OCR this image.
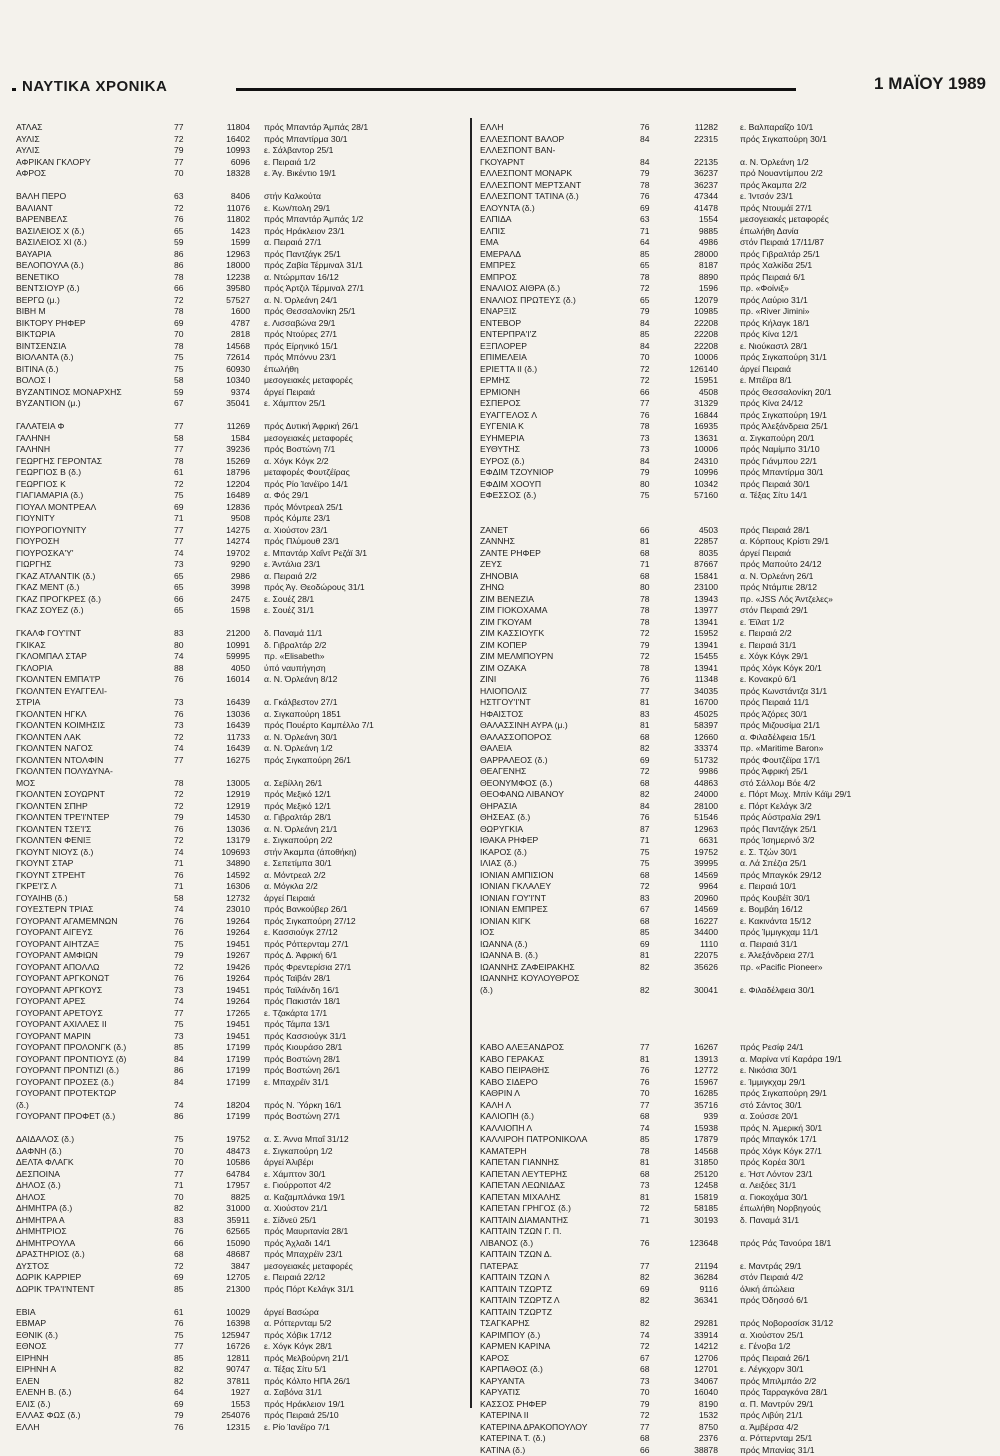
ΝΑΥΤΙΚΑ ΧΡΟΝΙΚΑ	1 ΜΑΪΟΥ 1989
ΑΤΛΑΣ	77	11804 πρός Μπαντάρ Άμπάς 28/1
ΑΥΛΙΣ	72	16402 πρός Μπαντίρμα 30/1
ΑΥΛΙΣ	79	10993 ε. Σάλβαντορ 25/1
ΑΦΡΙΚΑΝ ΓΚΛΟΡΥ	77	6096 ε. Πειραιά 1/2
ΑΦΡΟΣ	70	18328 ε. Άγ. Βικέντιο 19/1
ΒΑΛΗ ΠΕΡΟ	63	8406 στήν Καλκούτα
ΒΑΛΙΑΝΤ	72	11076 ε. Κων/πολη 29/1
ΒΑΡΕΝΒΕΛΣ	76	11802 πρός Μπαντάρ Άμπάς 1/2
ΒΑΣΙΛΕΙΟΣ Χ (δ.)	65	1423 πρός Ηράκλειον 23/1
ΒΑΣΙΛΕΙΟΣ XI (δ.)	59	1599 α. Πειραιά 27/1
ΒΑΥΑΡΙΑ	86	12963 πρός Παντζάγκ 25/1
ΒΕΛΟΠΟΥΛΑ (δ.)	86	18000 πρός Ζαβία Τέρμιναλ 31/1
ΒΕΝΕΤΙΚΟ	78	12238 α. Ντώρμπαν 16/12
ΒΕΝΤΣΙΟΥΡ (δ.)	66	39580 πρός Άρτζιλ Τέρμιναλ 27/1
ΒΕΡΓΩ (μ.)	72	57527 α. Ν. Όρλεάνη 24/1
ΒΙΒΗ Μ	78	1600 πρός Θεσσαλονίκη 25/1
ΒΙΚΤΟΡΥ ΡΗΦΕΡ	69	4787 ε. Λισσαβώνα 29/1
ΒΙΚΤΩΡΙΑ	70	2818 πρός Ντούρες 27/1
ΒΙΝΤΣΕΝΣΙΑ	78	14568 πρός Είρηνικό 15/1
ΒΙΟΛΑΝΤΑ (δ.)	75	72614 πρός Μπόννυ 23/1
ΒΙΤΙΝΑ (δ.)	75	60930 έπωλήθη
ΒΟΛΟΣ I	58	10340 μεσογειακές μεταφορές
ΒΥΖΑΝΤΙΝΟΣ ΜΟΝΑΡΧΗΣ	59	9374 άργεί Πειραιά
ΒΥΖΑΝΤΙΟΝ (μ.)	67	35041 ε. Χάμπτον 25/1
ΓΑΛΑΤΕΙΑ Φ	77	11269 πρός Δυτική Άφρική 26/1
ΓΑΛΗΝΗ	58	1584 μεσογειακές μεταφορές
ΓΑΛΗΝΗ	77	39236 πρός Βοστώνη 7/1
ΓΕΩΡΓΗΣ ΓΕΡΟΝΤΑΣ	78	15269 α. Χόγκ Κόγκ 2/2
ΓΕΩΡΓΙΟΣ Β (δ.)	61	18796 μεταφορές Φουτζέϊρας
ΓΕΩΡΓΙΟΣ Κ	72	12204 πρός Ρίο Ίανέϊρο 14/1
ΓΙΑΓΙΑΜΑΡΙΑ (δ.)	75	16489 α. Φός 29/1
ΓΙΟΥΑΛ ΜΟΝΤΡΕΑΛ	69	12836 πρός Μόντρεαλ 25/1
ΓΙΟΥΝΙΤΥ	71	9508 πρός Κόμπε 23/1
ΓΙΟΥΡΟΓΙΟΥΝΙΤΥ	77	14275 α. Χιούστον 23/1
ΓΙΟΥΡΟΣΗ	77	14274 πρός Πλύμουθ 23/1
ΓΙΟΥΡΟΣΚΑ'Υ'	74	19702 ε. Μπαντάρ Χαΐντ Ρεζάϊ 3/1
ΓΙΩΡΓΗΣ	73	9290 ε. Άντάλια 23/1
ΓΚΑΖ ΑΤΛΑΝΤΙΚ (δ.)	65	2986 α. Πειραιά 2/2
ΓΚΑΖ ΜΕΝΤ (δ.)	65	3998 πρός Άγ. Θεοδώρους 31/1
ΓΚΑΖ ΠΡΟΓΚΡΕΣ (δ.)	66	2475 ε. Σουέζ 28/1
ΓΚΑΖ ΣΟΥΕΖ (δ.)	65	1598 ε. Σουέζ 31/1
ΓΚΑΛΦ ΓΟΥ'Ι'ΝΤ	83	21200 δ. Παναμά 11/1
ΓΚΙΚΑΣ	80	10991 δ. Γιβραλτάρ 2/2
ΓΚΛΟΜΠΑΛ ΣΤΑΡ	74	59995 πρ. «Elisabeth»
ΓΚΛΟΡΙΑ	88	4050 ύπό ναυπήγηση
ΓΚΟΛΝΤΕΝ ΕΜΠΑ'Ι'Ρ	76	16014 α. Ν. Όρλεάνη 8/12
ΓΚΟΛΝΤΕΝ ΕΥΑΓΓΕΛΙ-
ΣΤΡΙΑ	73	16439 α. Γκάλβεστον 27/1
ΓΚΟΛΝΤΕΝ ΗΓΚΛ	76	13036 α. Σιγκαπούρη 1851
ΓΚΟΛΝΤΕΝ ΚΟΙΜΗΣΙΣ	73	16439 πρός Πουέρτο Καμπέλλο 7/1
ΓΚΟΛΝΤΕΝ ΛΑΚ	72	11733 α. Ν. Όρλεάνη 30/1
ΓΚΟΛΝΤΕΝ ΝΑΓΟΣ	74	16439 α. Ν. Όρλεάνη 1/2
ΓΚΟΛΝΤΕΝ ΝΤΟΛΦΙΝ	77	16275 πρός Σιγκαπούρη 26/1
ΓΚΟΛΝΤΕΝ ΠΟΛΥΔΥΝΑ-
ΜΟΣ	78	13005 α. Σεβίλλη 26/1
ΓΚΟΛΝΤΕΝ ΣΟΥΩΡΝΤ	72	12919 πρός Μεξικό 12/1
ΓΚΟΛΝΤΕΝ ΣΠΗΡ	72	12919 πρός Μεξικό 12/1
ΓΚΟΛΝΤΕΝ ΤΡΕ'Ι'ΝΤΕΡ	79	14530 α. Γιβραλτάρ 28/1
ΓΚΟΛΝΤΕΝ ΤΣΕ'Ι'Σ	76	13036 α. Ν. Όρλεάνη 21/1
ΓΚΟΛΝΤΕΝ ΦΕΝΙΞ	72	13179 ε. Σιγκαπούρη 2/2
ΓΚΟΥΝΤ ΝΙΟΥΣ (δ.)	74	109693 στήν Άκαμπα (άποθήκη)
ΓΚΟΥΝΤ ΣΤΑΡ	71	34890 ε. Σεπετίμπα 30/1
ΓΚΟΥΝΤ ΣΤΡΕΗΤ	76	14592 α. Μόντρεαλ 2/2
ΓΚΡΕ'Ι'Σ Λ	71	16306 α. Μόγκλα 2/2
ΓΟΥΑΙΗΒ (δ.)	58	12732 άργεί Πειραιά
ΓΟΥΕΣΤΕΡΝ ΤΡΙΑΣ	74	23010 πρός Βανκούβερ 26/1
ΓΟΥΟΡΑΝΤ ΑΓΑΜΕΜΝΩΝ	76	19264 πρός Σιγκαπούρη 27/12
ΓΟΥΟΡΑΝΤ ΑΙΓΕΥΣ	76	19264 ε. Κασσιούγκ 27/12
ΓΟΥΟΡΑΝΤ ΑΙΗΤΖΑΞ	75	19451 πρός Ρόττερνταμ 27/1
ΓΟΥΟΡΑΝΤ ΑΜΦΙΩΝ	79	19267 πρός Δ. Άφρική 6/1
ΓΟΥΟΡΑΝΤ ΑΠΟΛΛΩ	72	19426 πρός Φρεντερίσια 27/1
ΓΟΥΟΡΑΝΤ ΑΡΓΚΟΝΩΤ	76	19264 πρός Ταϊβάν 28/1
ΓΟΥΟΡΑΝΤ ΑΡΓΚΟΥΣ	73	19451 πρός Ταϊλάνδη 16/1
ΓΟΥΟΡΑΝΤ ΑΡΕΣ	74	19264 πρός Πακιστάν 18/1
ΓΟΥΟΡΑΝΤ ΑΡΕΤΟΥΣ	77	17265 ε. Τζακάρτα 17/1
ΓΟΥΟΡΑΝΤ ΑΧΙΛΛΕΣ ΙΙ	75	19451 πρός Τάμπα 13/1
ΓΟΥΟΡΑΝΤ ΜΑΡΙΝ	73	19451 πρός Κασσιούγκ 31/1
ΓΟΥΟΡΑΝΤ ΠΡΟΛΟΝΓΚ (δ.)	85	17199 πρός Κιουράσο 28/1
ΓΟΥΟΡΑΝΤ ΠΡΟΝΤΙΟΥΣ (δ)	84	17199 πρός Βοστώνη 28/1
ΓΟΥΟΡΑΝΤ ΠΡΟΝΤΙΖΙ (δ.)	86	17199 πρός Βοστώνη 26/1
ΓΟΥΟΡΑΝΤ ΠΡΟΣΕΣ (δ.)	84	17199 ε. Μπαχρέϊν 31/1
ΓΟΥΟΡΑΝΤ ΠΡΟΤΕΚΤΩΡ
(δ.)	74	18204 πρός Ν. Ύόρκη 16/1
ΓΟΥΟΡΑΝΤ ΠΡΟΦΕΤ (δ.)	86	17199 πρός Βοστώνη 27/1
ΔΑΙΔΑΛΟΣ (δ.)	75	19752 α. Σ. Άννα Μπαΐ 31/12
ΔΑΦΝΗ (δ.)	70	48473 ε. Σιγκαπούρη 1/2
ΔΕΛΤΑ ΦΛΑΓΚ	70	10586 άργεί Άλιβέρι
ΔΕΣΠΟΙΝΑ	77	64784 ε. Χάμπτον 30/1
ΔΗΛΟΣ (δ.)	71	17957 ε. Γιούρροποτ 4/2
ΔΗΛΟΣ	70	8825 α. Καζαμπλάνκα 19/1
ΔΗΜΗΤΡΑ (δ.)	82	31000 α. Χιούστον 21/1
ΔΗΜΗΤΡΑ Α	83	35911 ε. Σίδνεϋ 25/1
ΔΗΜΗΤΡΙΟΣ	76	62565 πρός Μαυριτανία 28/1
ΔΗΜΗΤΡΟΥΛΑ	66	15090 πρός Άχλαδι 14/1
ΔΡΑΣΤΗΡΙΟΣ (δ.)	68	48687 πρός Μπαχρέϊν 23/1
ΔΥΣΤΟΣ	72	3847 μεσογειακές μεταφορές
ΔΩΡΙΚ ΚΑΡΡΙΕΡ	69	12705 ε. Πειραιά 22/12
ΔΩΡΙΚ ΤΡΑ'Ι'ΝΤΕΝΤ	85	21300 πρός Πόρτ Κελάγκ 31/1
ΕΒΙΑ	61	10029 άργεί Βασώρα
ΕΒΜΑΡ	76	16398 α. Ρόττερνταμ 5/2
ΕΘΝΙΚ (δ.)	75	125947 πρός Χόβικ 17/12
ΕΘΝΟΣ	77	16726 ε. Χόγκ Κόγκ 28/1
ΕΙΡΗΝΗ	85	12811 πρός Μελβούρνη 21/1
ΕΙΡΗΝΗ Α	82	90747 α. Τέξας Σίτυ 5/1
ΕΛΕΝ	82	37811 πρός Κόλπο ΗΠΑ 26/1
ΕΛΕΝΗ Β. (δ.)	64	1927 α. Σαβόνα 31/1
ΕΛΙΣ (δ.)	69	1553 πρός Ηράκλειον 19/1
ΕΛΛΑΣ ΦΩΣ (δ.)	79	254076 πρός Πειραιά 25/10
ΕΛΛΗ	76	12315 ε. Ρίο Ίανέϊρο 7/1
ΕΛΛΗ	76	11282	ε. Βαλπαραΐζο 10/1
ΕΛΛΕΣΠΟΝΤ ΒΑΛΟΡ	84	22315	πρός Σιγκαπούρη 30/1
ΕΛΛΕΣΠΟΝΤ ΒΑΝ-
ΓΚΟΥΑΡΝΤ	84	22135	α. Ν. Όρλεάνη 1/2
ΕΛΛΕΣΠΟΝΤ ΜΟΝΑΡΚ	79	36237	πρό Νουαντίμπου 2/2
ΕΛΛΕΣΠΟΝΤ ΜΕΡΤΣΑΝΤ	78	36237	πρός Άκαμπα 2/2
ΕΛΛΕΣΠΟΝΤ ΤΑΤΙΝΑ (δ.)	76	47344	ε. Ίντσόν 23/1
ΕΛΟΥΝΤΑ (δ.)	69	41478	πρός Ντουμάϊ 27/1
ΕΛΠΙΔΑ	63	1554	μεσογειακές μεταφορές
ΕΛΠΙΣ	71	9885	έπωλήθη Δανία
ΕΜΑ	64	4986	στόν Πειραιά 17/11/87
ΕΜΕΡΑΛΔ	85	28000	πρός Γιβραλτάρ 25/1
ΕΜΠΡΕΣ	65	8187	πρός Χαλκίδα 25/1
ΕΜΠΡΟΣ	78	8890	πρός Πειραιά 6/1
ΕΝΑΛΙΟΣ ΑΙΘΡΑ (δ.)	72	1596	πρ. «Φοίνιξ»
ΕΝΑΛΙΟΣ ΠΡΩΤΕΥΣ (δ.)	65	12079	πρός Λαύριο 31/1
ΕΝΑΡΞΙΣ	79	10985	πρ. «River Jimini»
ΕΝΤΕΒΟΡ	84	22208	πρός Κήλαγκ 18/1
ΕΝΤΕΡΠΡΑ'Ι'Ζ	85	22208	πρός Κίνα 12/1
ΕΞΠΛΟΡΕΡ	84	22208	ε. Νιούκαστλ 28/1
ΕΠΙΜΕΛΕΙΑ	70	10006	πρός Σιγκαπούρη 31/1
ΕΡΙΕΤΤΑ ΙΙ (δ.)	72	126140	άργεί Πειραιά
ΕΡΜΗΣ	72	15951	ε. Μπέϊρα 8/1
ΕΡΜΙΟΝΗ	66	4508	πρός Θεσσαλονίκη 20/1
ΕΣΠΕΡΟΣ	77	31329	πρός Κίνα 24/12
ΕΥΑΓΓΕΛΟΣ Λ	76	16844	πρός Σιγκαπούρη 19/1
ΕΥΓΕΝΙΑ Κ	78	16935	πρός Άλεξάνδρεια 25/1
ΕΥΗΜΕΡΙΑ	73	13631	α. Σιγκαπούρη 20/1
ΕΥΘΥΤΗΣ	73	10006	πρός Ναμίμπο 31/10
ΕΥΡΟΣ (δ.)	84	24310	πρός Γιάνμπου 22/1
ΕΦΔΙΜ ΤΖΟΥΝΙΟΡ	79	10996	πρός Μπαντίρμα 30/1
ΕΦΔΙΜ ΧΟΟΥΠ	80	10342	πρός Πειραιά 30/1
ΕΦΕΣΣΟΣ (δ.)	75	57160	α. Τέξας Σίτυ 14/1
ΖΑΝΕΤ	66	4503	πρός Πειραιά 28/1
ΖΑΝΝΗΣ	81	22857	α. Κόρπους Κρίστι 29/1
ΖΑΝΤΕ ΡΗΦΕΡ	68	8035	άργεί Πειραιά
ΖΕΥΣ	71	87667	πρός Μαπούτο 24/12
ΖΗΝΟΒΙΑ	68	15841	α. Ν. Όρλεάνη 26/1
ΖΗΝΩ	80	23100	πρός Ντάμπιε 28/12
ΖΙΜ ΒΕΝΕΖΙΑ	78	13943	πρ. «JSS Λός Άντζελες»
ΖΙΜ ΓΙΟΚΟΧΑΜΑ	78	13977	στόν Πειραιά 29/1
ΖΙΜ ΓΚΟΥΑΜ	78	13941	ε. Έϊλατ 1/2
ΖΙΜ ΚΑΣΣΙΟΥΓΚ	72	15952	ε. Πειραιά 2/2
ΖΙΜ ΚΟΠΕΡ	79	13941	ε. Πειραιά 31/1
ΖΙΜ ΜΕΛΜΠΟΥΡΝ	72	15455	ε. Χόγκ Κόγκ 29/1
ΖΙΜ ΟΖΑΚΑ	78	13941	πρός Χόγκ Κόγκ 20/1
ΖΙΝΙ	76	11348	ε. Κονακρύ 6/1
ΗΛΙΟΠΟΛΙΣ	77	34035	πρός Κωνστάντζα 31/1
ΗΣΤΓΟΥ'Ι'ΝΤ	81	16700	πρός Πειραιά 11/1
ΗΦΑΙΣΤΟΣ	83	45025	πρός Άζόρες 30/1
ΘΑΛΑΣΣΙΝΗ ΑΥΡΑ (μ.)	81	58397	πρός Μιζουσίμα 21/1
ΘΑΛΑΣΣΟΠΟΡΟΣ	68	12660	α. Φιλαδέλφεια 15/1
ΘΑΛΕΙΑ	82	33374	πρ. «Maritime Baron»
ΘΑΡΡΑΛΕΟΣ (δ.)	69	51732	πρός Φουτζέϊρα 17/1
ΘΕΑΓΕΝΗΣ	72	9986	πρός Άφρική 25/1
ΘΕΟΝΥΜΦΟΣ (δ.)	68	44863	στό Σάλλομ Βόε 4/2
ΘΕΟΦΑΝΩ ΛΙΒΑΝΟΥ	82	24000	ε. Πόρτ Μωχ. Μπίν Κάϊμ 29/1
ΘΗΡΑΣΙΑ	84	28100	ε. Πόρτ Κελάγκ 3/2
ΘΗΣΕΑΣ (δ.)	76	51546	πρός Αύστραλία 29/1
ΘΩΡΥΓΚΙΑ	87	12963	πρός Παντζάγκ 25/1
ΙΘΑΚΑ ΡΗΦΕΡ	71	6631	πρός Ίσημερινό 3/2
ΙΚΑΡΟΣ (δ.)	75	19752	ε. Σ. Τζών 30/1
ΙΛΙΑΣ (δ.)	75	39995	α. Λά Σπέζια 25/1
ΙΟΝΙΑΝ ΑΜΠΙΣΙΟΝ	68	14569	πρός Μπαγκόκ 29/12
ΙΟΝΙΑΝ ΓΚΛΑΛΕΥ	72	9964	ε. Πειραιά 10/1
ΙΟΝΙΑΝ ΓΟΥ'Ι'ΝΤ	83	20960	πρός Κουβέϊτ 30/1
ΙΟΝΙΑΝ ΕΜΠΡΕΣ	67	14569	ε. Βομβάη 16/12
ΙΟΝΙΑΝ ΚΙΓΚ	68	16227	ε. Κακινάντα 15/12
ΙΟΣ	85	34400	πρός Ίμμιγκχαμ 11/1
ΙΩΑΝΝΑ (δ.)	69	1110	α. Πειραιά 31/1
ΙΩΑΝΝΑ Β. (δ.)	81	22075	ε. Άλεξάνδρεια 27/1
ΙΩΑΝΝΗΣ ΖΑΦΕΙΡΑΚΗΣ	82	35626	πρ. «Pacific Pioneer»
ΙΩΑΝΝΗΣ ΚΟΥΛΟΥΘΡΟΣ
(δ.)	82	30041	ε. Φιλαδέλφεια 30/1
ΚΑΒΟ ΑΛΕΞΑΝΔΡΟΣ	77	16267	πρός Ρεσίφ 24/1
ΚΑΒΟ ΓΕΡΑΚΑΣ	81	13913	α. Μαρίνα ντί Καράρα 19/1
ΚΑΒΟ ΠΕΙΡΑΘΗΣ	76	12772	ε. Νικόσια 30/1
ΚΑΒΟ ΣΙΔΕΡΟ	76	15967	ε. Ίμμιγκχαμ 29/1
ΚΑΘΡΙΝ Λ	70	16285	πρός Σιγκαπούρη 29/1
ΚΑΛΗ Λ	77	35716	στό Σάντος 30/1
ΚΑΛΙΟΠΗ (δ.)	68	939	α. Σούσσε 20/1
ΚΑΛΛΙΟΠΗ Λ	74	15938	πρός Ν. Άμερική 30/1
ΚΑΛΛΙΡΟΗ ΠΑΤΡΟΝΙΚΟΛΑ	85	17879	πρός Μπαγκόκ 17/1
ΚΑΜΑΤΕΡΗ	78	14568	πρός Χόγκ Κόγκ 27/1
ΚΑΠΕΤΑΝ ΓΙΑΝΝΗΣ	81	31850	πρός Κορέα 30/1
ΚΑΠΕΤΑΝ ΛΕΥΤΕΡΗΣ	68	25120	ε. Ήστ Λόντον 23/1
ΚΑΠΕΤΑΝ ΛΕΩΝΙΔΑΣ	73	12458	α. Λειξόες 31/1
ΚΑΠΕΤΑΝ ΜΙΧΑΛΗΣ	81	15819	α. Γιοκοχάμα 30/1
ΚΑΠΕΤΑΝ ΓΡΗΓΟΣ (δ.)	72	58185	έπωλήθη Νορβηγούς
ΚΑΠΤΑΙΝ ΔΙΑΜΑΝΤΗΣ	71	30193	δ. Παναμά 31/1
ΚΑΠΤΑΙΝ ΤΖΩΝ Γ. Π.
ΛΙΒΑΝΟΣ (δ.)	76	123648	πρός Ράς Τανούρα 18/1
ΚΑΠΤΑΙΝ ΤΖΩΝ Δ.
ΠΑΤΕΡΑΣ	77	21194	ε. Μαντράς 29/1
ΚΑΠΤΑΙΝ ΤΖΩΝ Λ	82	36284	στόν Πειραιά 4/2
ΚΑΠΤΑΙΝ ΤΖΩΡΤΖ	69	9116	όλική άπώλεια
ΚΑΠΤΑΙΝ ΤΖΩΡΤΖ Λ	82	36341	πρός Όδησσό 6/1
ΚΑΠΤΑΙΝ ΤΖΩΡΤΖ
ΤΣΑΓΚΑΡΗΣ	82	29281	πρός Νοβοροσίσκ 31/12
ΚΑΡΙΜΠΟΥ (δ.)	74	33914	α. Χιούστον 25/1
ΚΑΡΜΕΝ ΚΑΡΙΝΑ	72	14212	ε. Γένοβα 1/2
ΚΑΡΟΣ	67	12706	πρός Πειραιά 26/1
ΚΑΡΠΑΘΟΣ (δ.)	68	12701	ε. Λέγκχορν 30/1
ΚΑΡΥΑΝΤΑ	73	34067	πρός Μπιλμπάο 2/2
ΚΑΡΥΑΤΙΣ	70	16040	πρός Ταρραγκόνα 28/1
ΚΑΣΣΟΣ ΡΗΦΕΡ	79	8190	α. Π. Μαντρύν 29/1
ΚΑΤΕΡΙΝΑ ΙΙ	72	1532	πρός Λιβύη 21/1
ΚΑΤΕΡΙΝΑ ΔΡΑΚΟΠΟΥΛΟΥ	77	8750	α. Άμβέρσα 4/2
ΚΑΤΕΡΙΝΑ Τ. (δ.)	68	2376	α. Ρόττερνταμ 25/1
ΚΑΤΙΝΑ (δ.)	66	38878	πρός Μπανίας 31/1
